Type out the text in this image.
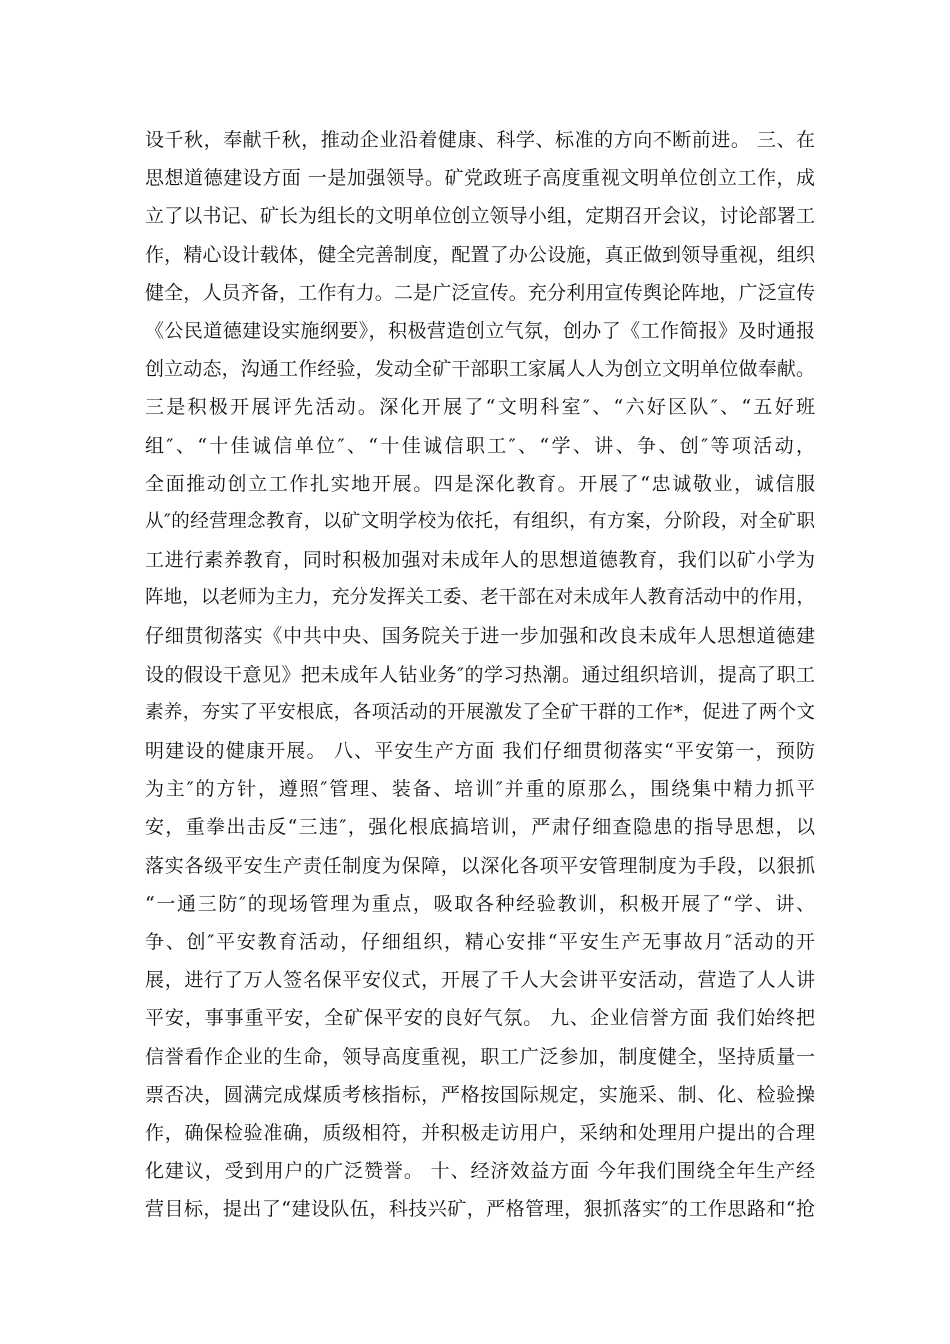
设千秋，奉献千秋，推动企业沿着健康、科学、标准的方向不断前进。 三、在
思想道德建设方面 一是加强领导。矿党政班子高度重视文明单位创立工作，成
立了以书记、矿长为组长的文明单位创立领导小组，定期召开会议，讨论部署工
作，精心设计载体，健全完善制度，配置了办公设施，真正做到领导重视，组织
健全，人员齐备，工作有力。二是广泛宣传。充分利用宣传舆论阵地，广泛宣传
《公民道德建设实施纲要》，积极营造创立气氛，创办了《工作简报》及时通报
创立动态，沟通工作经验，发动全矿干部职工家属人人为创立文明单位做奉献。
三是积极开展评先活动。深化开展了“文明科室″、“六好区队″、“五好班
组″、“十佳诚信单位″、“十佳诚信职工″、“学、讲、争、创″等项活动，
全面推动创立工作扎实地开展。四是深化教育。开展了“忠诚敬业，诚信服
从″的经营理念教育，以矿文明学校为依托，有组织，有方案，分阶段，对全矿职
工进行素养教育，同时积极加强对未成年人的思想道德教育，我们以矿小学为
阵地，以老师为主力，充分发挥关工委、老干部在对未成年人教育活动中的作用，
仔细贯彻落实《中共中央、国务院关于进一步加强和改良未成年人思想道德建
设的假设干意见》把未成年人钻业务″的学习热潮。通过组织培训，提高了职工
素养，夯实了平安根底，各项活动的开展激发了全矿干群的工作*，促进了两个文
明建设的健康开展。 八、平安生产方面 我们仔细贯彻落实“平安第一，预防
为主″的方针，遵照″管理、装备、培训″并重的原那么，围绕集中精力抓平
安，重拳出击反“三违″，强化根底搞培训，严肃仔细查隐患的指导思想，以
落实各级平安生产责任制度为保障，以深化各项平安管理制度为手段，以狠抓
“一通三防″的现场管理为重点，吸取各种经验教训，积极开展了“学、讲、
争、创″平安教育活动，仔细组织，精心安排“平安生产无事故月″活动的开
展，进行了万人签名保平安仪式，开展了千人大会讲平安活动，营造了人人讲
平安，事事重平安，全矿保平安的良好气氛。 九、企业信誉方面 我们始终把
信誉看作企业的生命，领导高度重视，职工广泛参加，制度健全，坚持质量一
票否决，圆满完成煤质考核指标，严格按国际规定，实施采、制、化、检验操
作，确保检验准确，质级相符，并积极走访用户，采纳和处理用户提出的合理
化建议，受到用户的广泛赞誉。 十、经济效益方面 今年我们围绕全年生产经
营目标，提出了“建设队伍，科技兴矿，严格管理，狠抓落实″的工作思路和“抢
